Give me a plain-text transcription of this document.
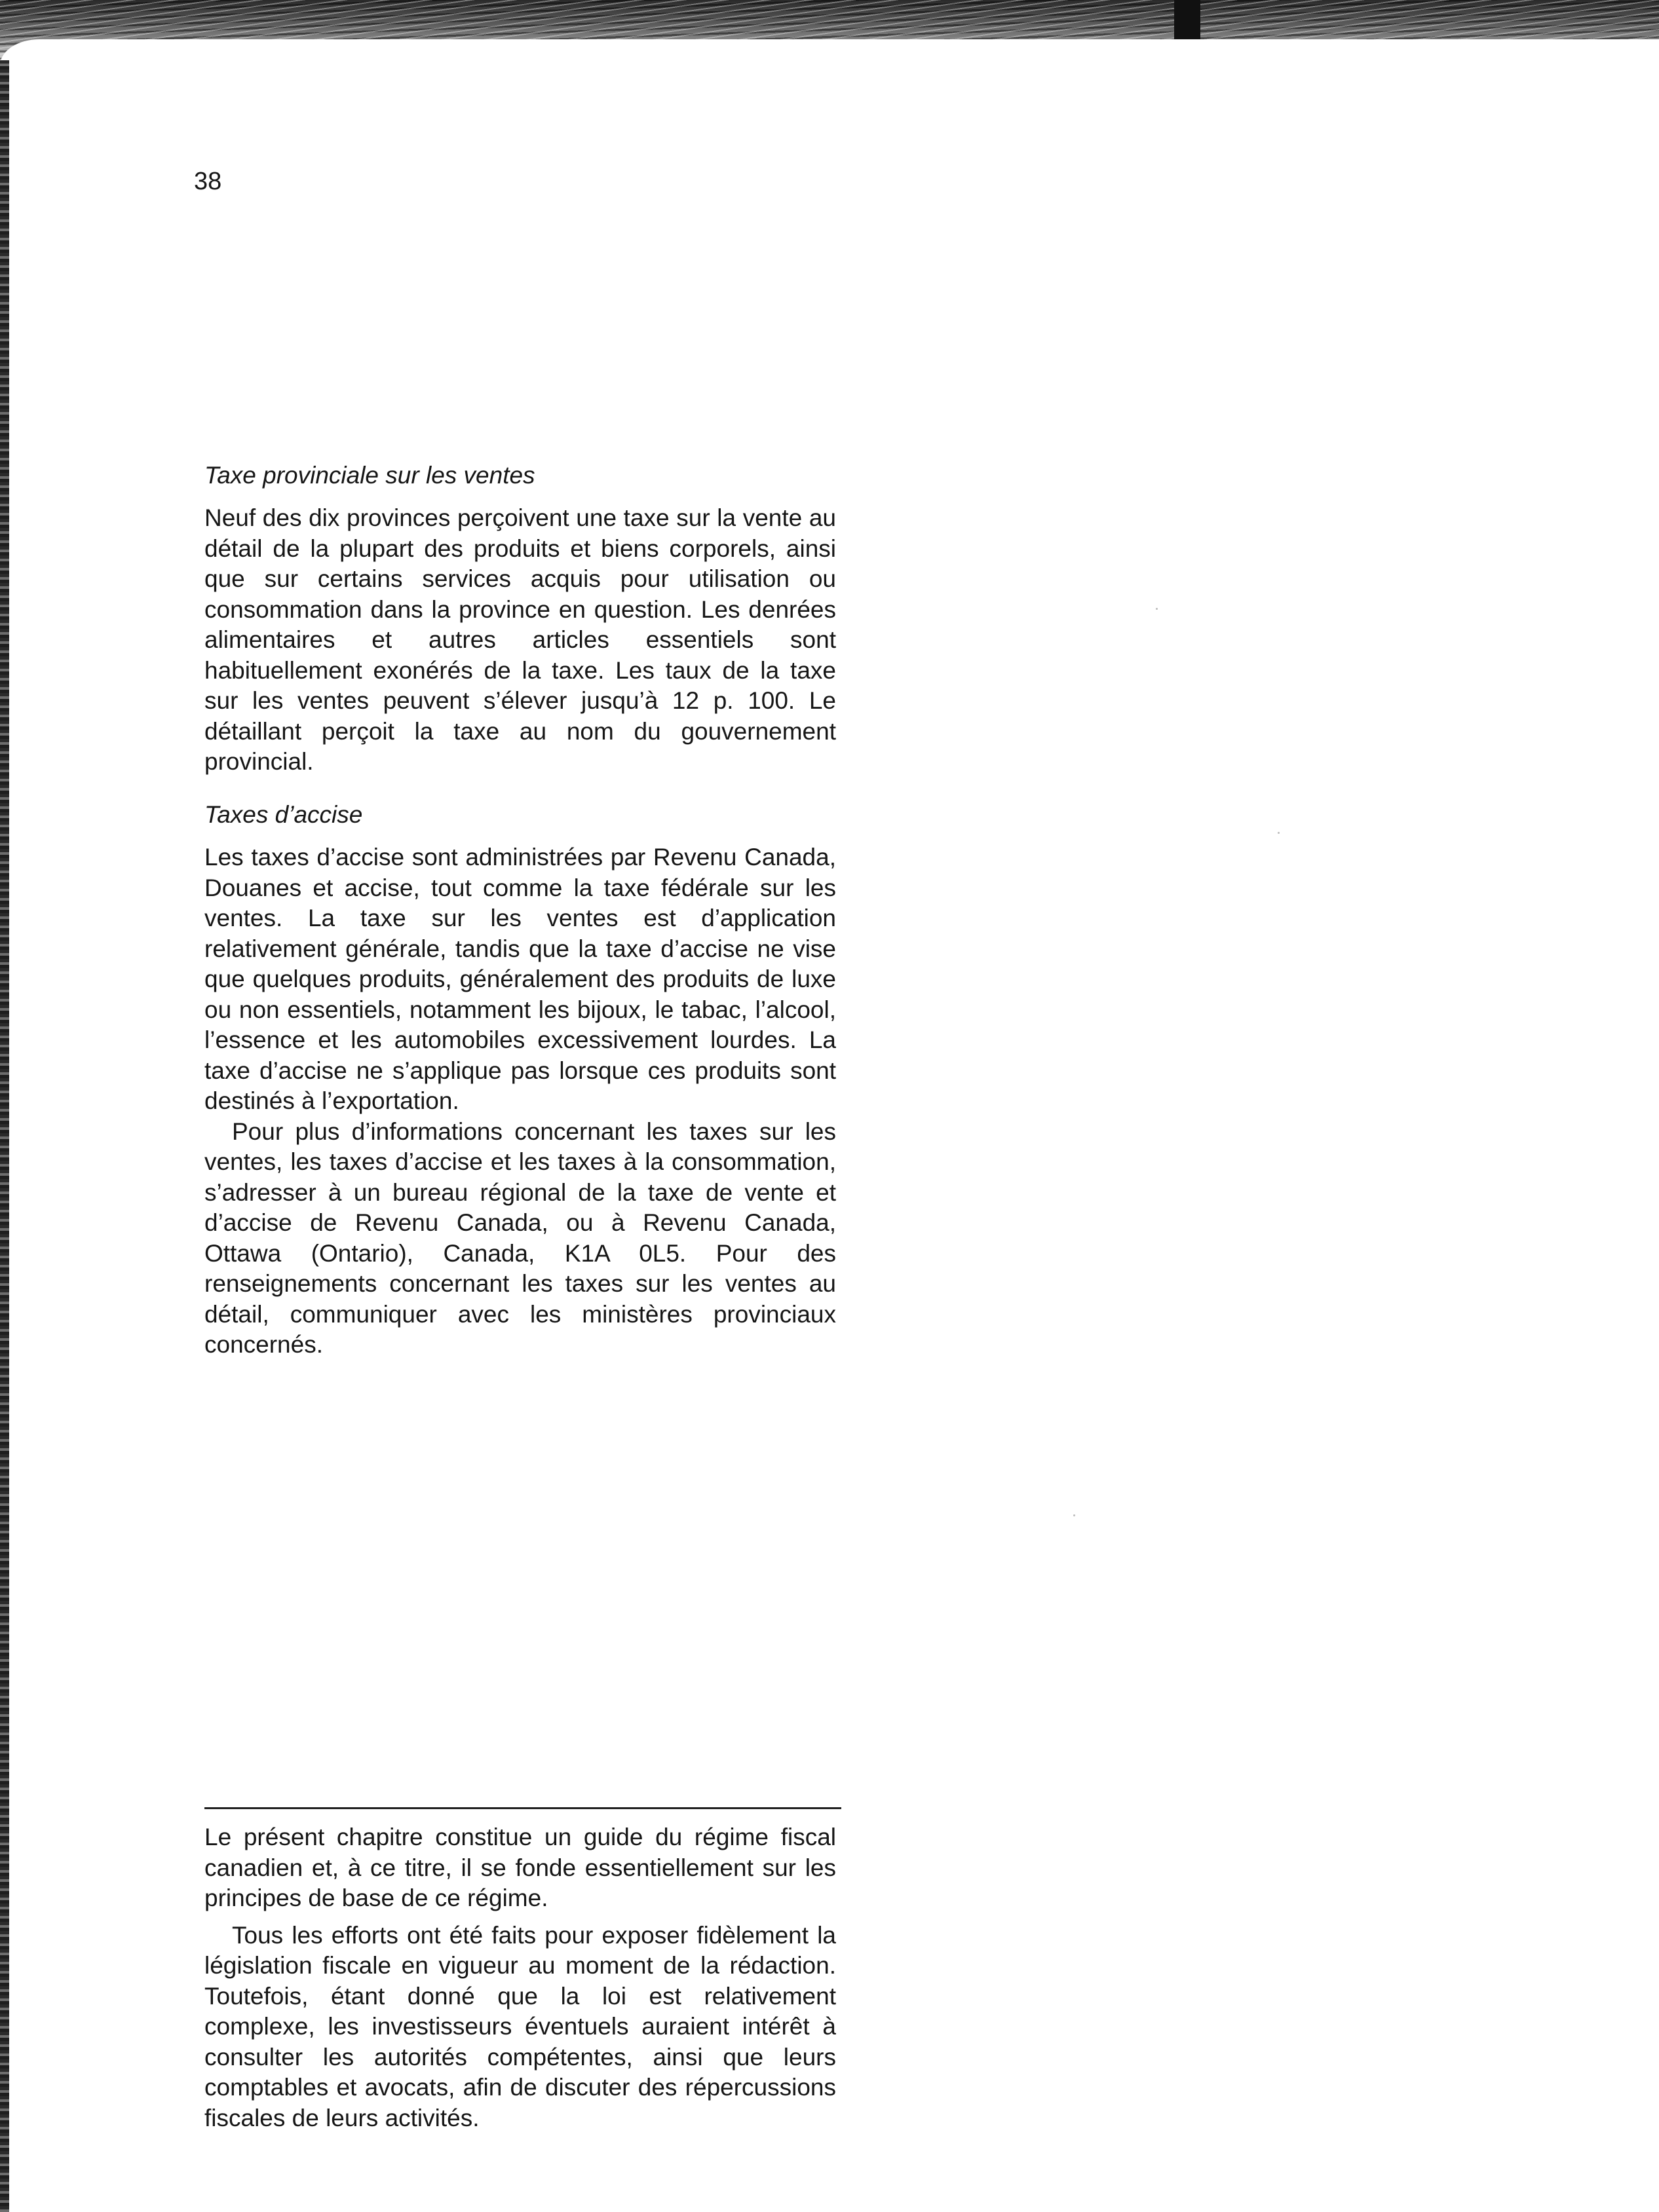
38
Taxe provinciale sur les ventes

Neuf des dix provinces perçoivent une taxe sur la vente au détail de la plupart des produits et biens corporels, ainsi que sur certains services acquis pour utilisation ou consommation dans la province en question. Les denrées alimentaires et autres articles essentiels sont habituellement exonérés de la taxe. Les taux de la taxe sur les ventes peuvent s’élever jusqu’à 12 p. 100. Le détaillant perçoit la taxe au nom du gouvernement provincial.

Taxes d’accise

Les taxes d’accise sont administrées par Revenu Canada, Douanes et accise, tout comme la taxe fédérale sur les ventes. La taxe sur les ventes est d’application relativement générale, tandis que la taxe d’accise ne vise que quelques produits, généralement des produits de luxe ou non essentiels, notamment les bijoux, le tabac, l’alcool, l’essence et les automobiles excessivement lourdes. La taxe d’accise ne s’applique pas lorsque ces produits sont destinés à l’exportation.

Pour plus d’informations concernant les taxes sur les ventes, les taxes d’accise et les taxes à la consommation, s’adresser à un bureau régional de la taxe de vente et d’accise de Revenu Canada, ou à Revenu Canada, Ottawa (Ontario), Canada, K1A 0L5. Pour des renseignements concernant les taxes sur les ventes au détail, communiquer avec les ministères provinciaux concernés.

Le présent chapitre constitue un guide du régime fiscal canadien et, à ce titre, il se fonde essentiellement sur les principes de base de ce régime.

Tous les efforts ont été faits pour exposer fidèlement la législation fiscale en vigueur au moment de la rédaction. Toutefois, étant donné que la loi est relativement complexe, les investisseurs éventuels auraient intérêt à consulter les autorités compétentes, ainsi que leurs comptables et avocats, afin de discuter des répercussions fiscales de leurs activités.
